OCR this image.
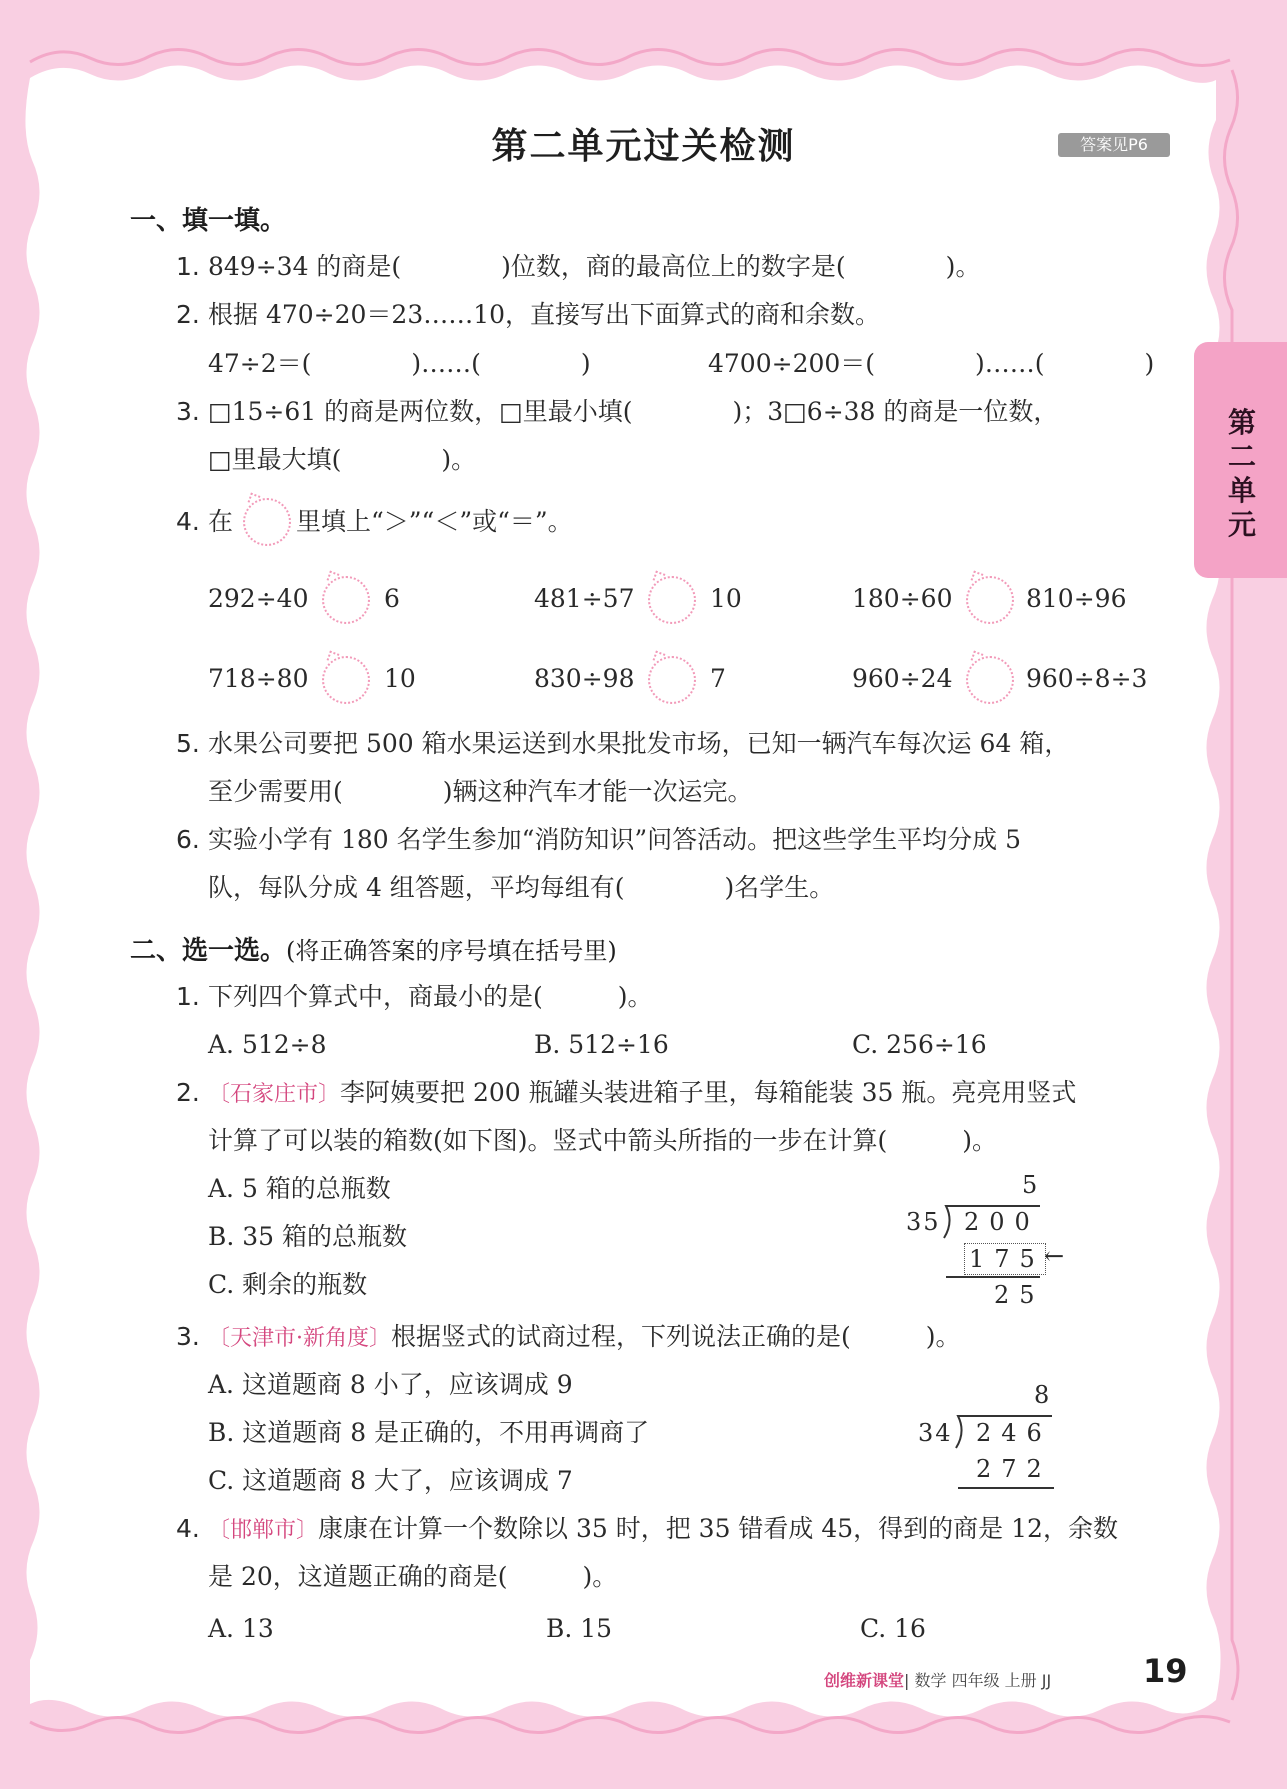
第二单元过关检测	答案见P6
第二单元
一、填一填。
1. 849÷34 的商是(　　　　)位数，商的最高位上的数字是(　　　　)。
2. 根据 470÷20＝23……10，直接写出下面算式的商和余数。
47÷2＝(　　　　)……(　　　　)	4700÷200＝(　　　　)……(　　　　)
3. □15÷61 的商是两位数，□里最小填(　　　　)；3□6÷38 的商是一位数，
□里最大填(　　　　)。
4. 在	里填上“＞”“＜”或“＝”。
292÷40	6	481÷57	10	180÷60	810÷96
718÷80	10	830÷98	7	960÷24	960÷8÷3
5. 水果公司要把 500 箱水果运送到水果批发市场，已知一辆汽车每次运 64 箱，
至少需要用(　　　　)辆这种汽车才能一次运完。
6. 实验小学有 180 名学生参加“消防知识”问答活动。把这些学生平均分成 5
队，每队分成 4 组答题，平均每组有(　　　　)名学生。
二、选一选。(将正确答案的序号填在括号里)
1. 下列四个算式中，商最小的是(　　　)。
A. 512÷8	B. 512÷16	C. 256÷16
2. 〔石家庄市〕李阿姨要把 200 瓶罐头装进箱子里，每箱能装 35 瓶。亮亮用竖式
计算了可以装的箱数(如下图)。竖式中箭头所指的一步在计算(　　　)。
A. 5 箱的总瓶数
B. 35 箱的总瓶数
C. 剩余的瓶数
5
35 200
175 ←
25
3. 〔天津市·新角度〕根据竖式的试商过程，下列说法正确的是(　　　)。
A. 这道题商 8 小了，应该调成 9
B. 这道题商 8 是正确的，不用再调商了
C. 这道题商 8 大了，应该调成 7
8
34 246
272
4. 〔邯郸市〕康康在计算一个数除以 35 时，把 35 错看成 45，得到的商是 12，余数
是 20，这道题正确的商是(　　　)。
A. 13	B. 15	C. 16
创维新课堂| 数学 四年级 上册 JJ	19
